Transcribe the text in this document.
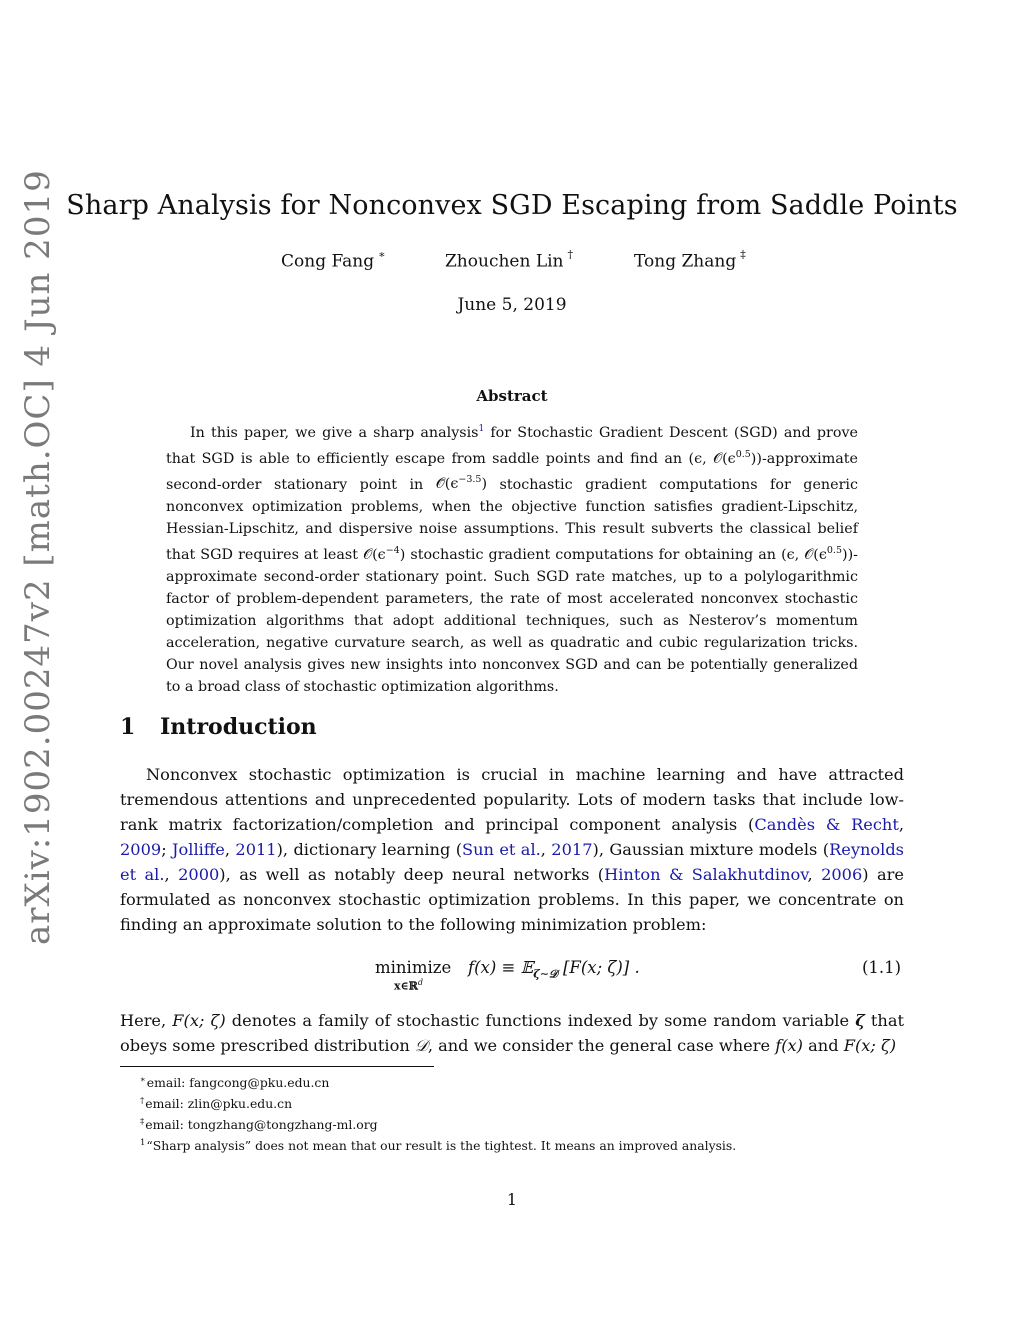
arXiv:1902.00247v2 [math.OC] 4 Jun 2019 Sharp Analysis for Nonconvex SGD Escaping from Saddle Points
Cong Fang ∗	Zhouchen Lin †	Tong Zhang ‡
June 5, 2019
Abstract

In this paper, we give a sharp analysis$^1$ for Stochastic Gradient Descent (SGD) and prove that SGD is able to efficiently escape from saddle points and find an (ϵ, $𝒪(\epsilon^{0.5})$)-approximate second-order stationary point in $𝒪̃(\epsilon^{-3.5})$ stochastic gradient computations for generic nonconvex optimization problems, when the objective function satisfies gradient-Lipschitz, Hessian-Lipschitz, and dispersive noise assumptions. This result subverts the classical belief that SGD requires at least $𝒪(\epsilon^{-4})$ stochastic gradient computations for obtaining an (ϵ, $𝒪(\epsilon^{0.5})$)-approximate second-order stationary point. Such SGD rate matches, up to a polylogarithmic factor of problem-dependent parameters, the rate of most accelerated nonconvex stochastic optimization algorithms that adopt additional techniques, such as Nesterov’s momentum acceleration, negative curvature search, as well as quadratic and cubic regularization tricks. Our novel analysis gives new insights into nonconvex SGD and can be potentially generalized to a broad class of stochastic optimization algorithms.

1 Introduction

Nonconvex stochastic optimization is crucial in machine learning and have attracted tremendous attentions and unprecedented popularity. Lots of modern tasks that include low-rank matrix factorization/completion and principal component analysis (Candès & Recht, 2009; Jolliffe, 2011), dictionary learning (Sun et al., 2017), Gaussian mixture models (Reynolds et al., 2000), as well as notably deep neural networks (Hinton & Salakhutdinov, 2006) are formulated as nonconvex stochastic optimization problems. In this paper, we concentrate on finding an approximate solution to the following minimization problem:

minimize
x∈ℝ$^d$
f(x) ≡ 𝔼$_{\zeta\sim 𝒟}$ [F(x; ζ)] .	(1.1)

Here, F(x; ζ) denotes a family of stochastic functions indexed by some random variable ζ that obeys some prescribed distribution 𝒟, and we consider the general case where f(x) and F(x; ζ)

∗email: fangcong@pku.edu.cn
†email: zlin@pku.edu.cn
‡email: tongzhang@tongzhang-ml.org
$^1$“Sharp analysis” does not mean that our result is the tightest. It means an improved analysis.
1
